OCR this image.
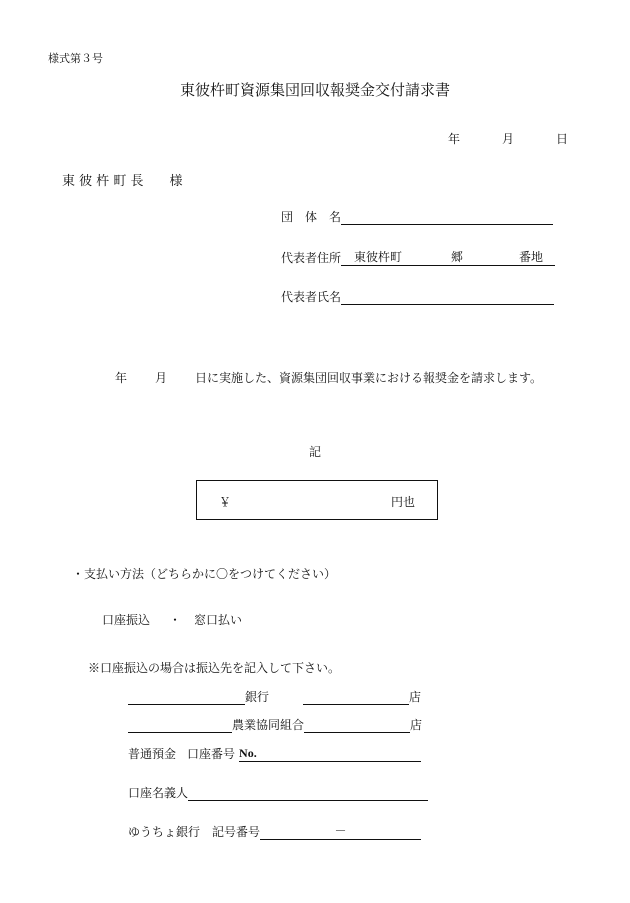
様式第３号
東彼杵町資源集団回収報奨金交付請求書
年	月	日
東 彼 杵 町 長　　様
団　体　名
代表者住所	東彼杵町	郷	番地
代表者氏名
年 月 日に実施した、資源集団回収事業における報奨金を請求します。
記
￥	円也
・支払い方法（どちらかに〇をつけてください）
口座振込 ・ 窓口払い
※口座振込の場合は振込先を記入して下さい。
銀行	店
農業協同組合	店
普通預金 口座番号 No.
口座名義人
ゆうちょ銀行　記号番号	－
